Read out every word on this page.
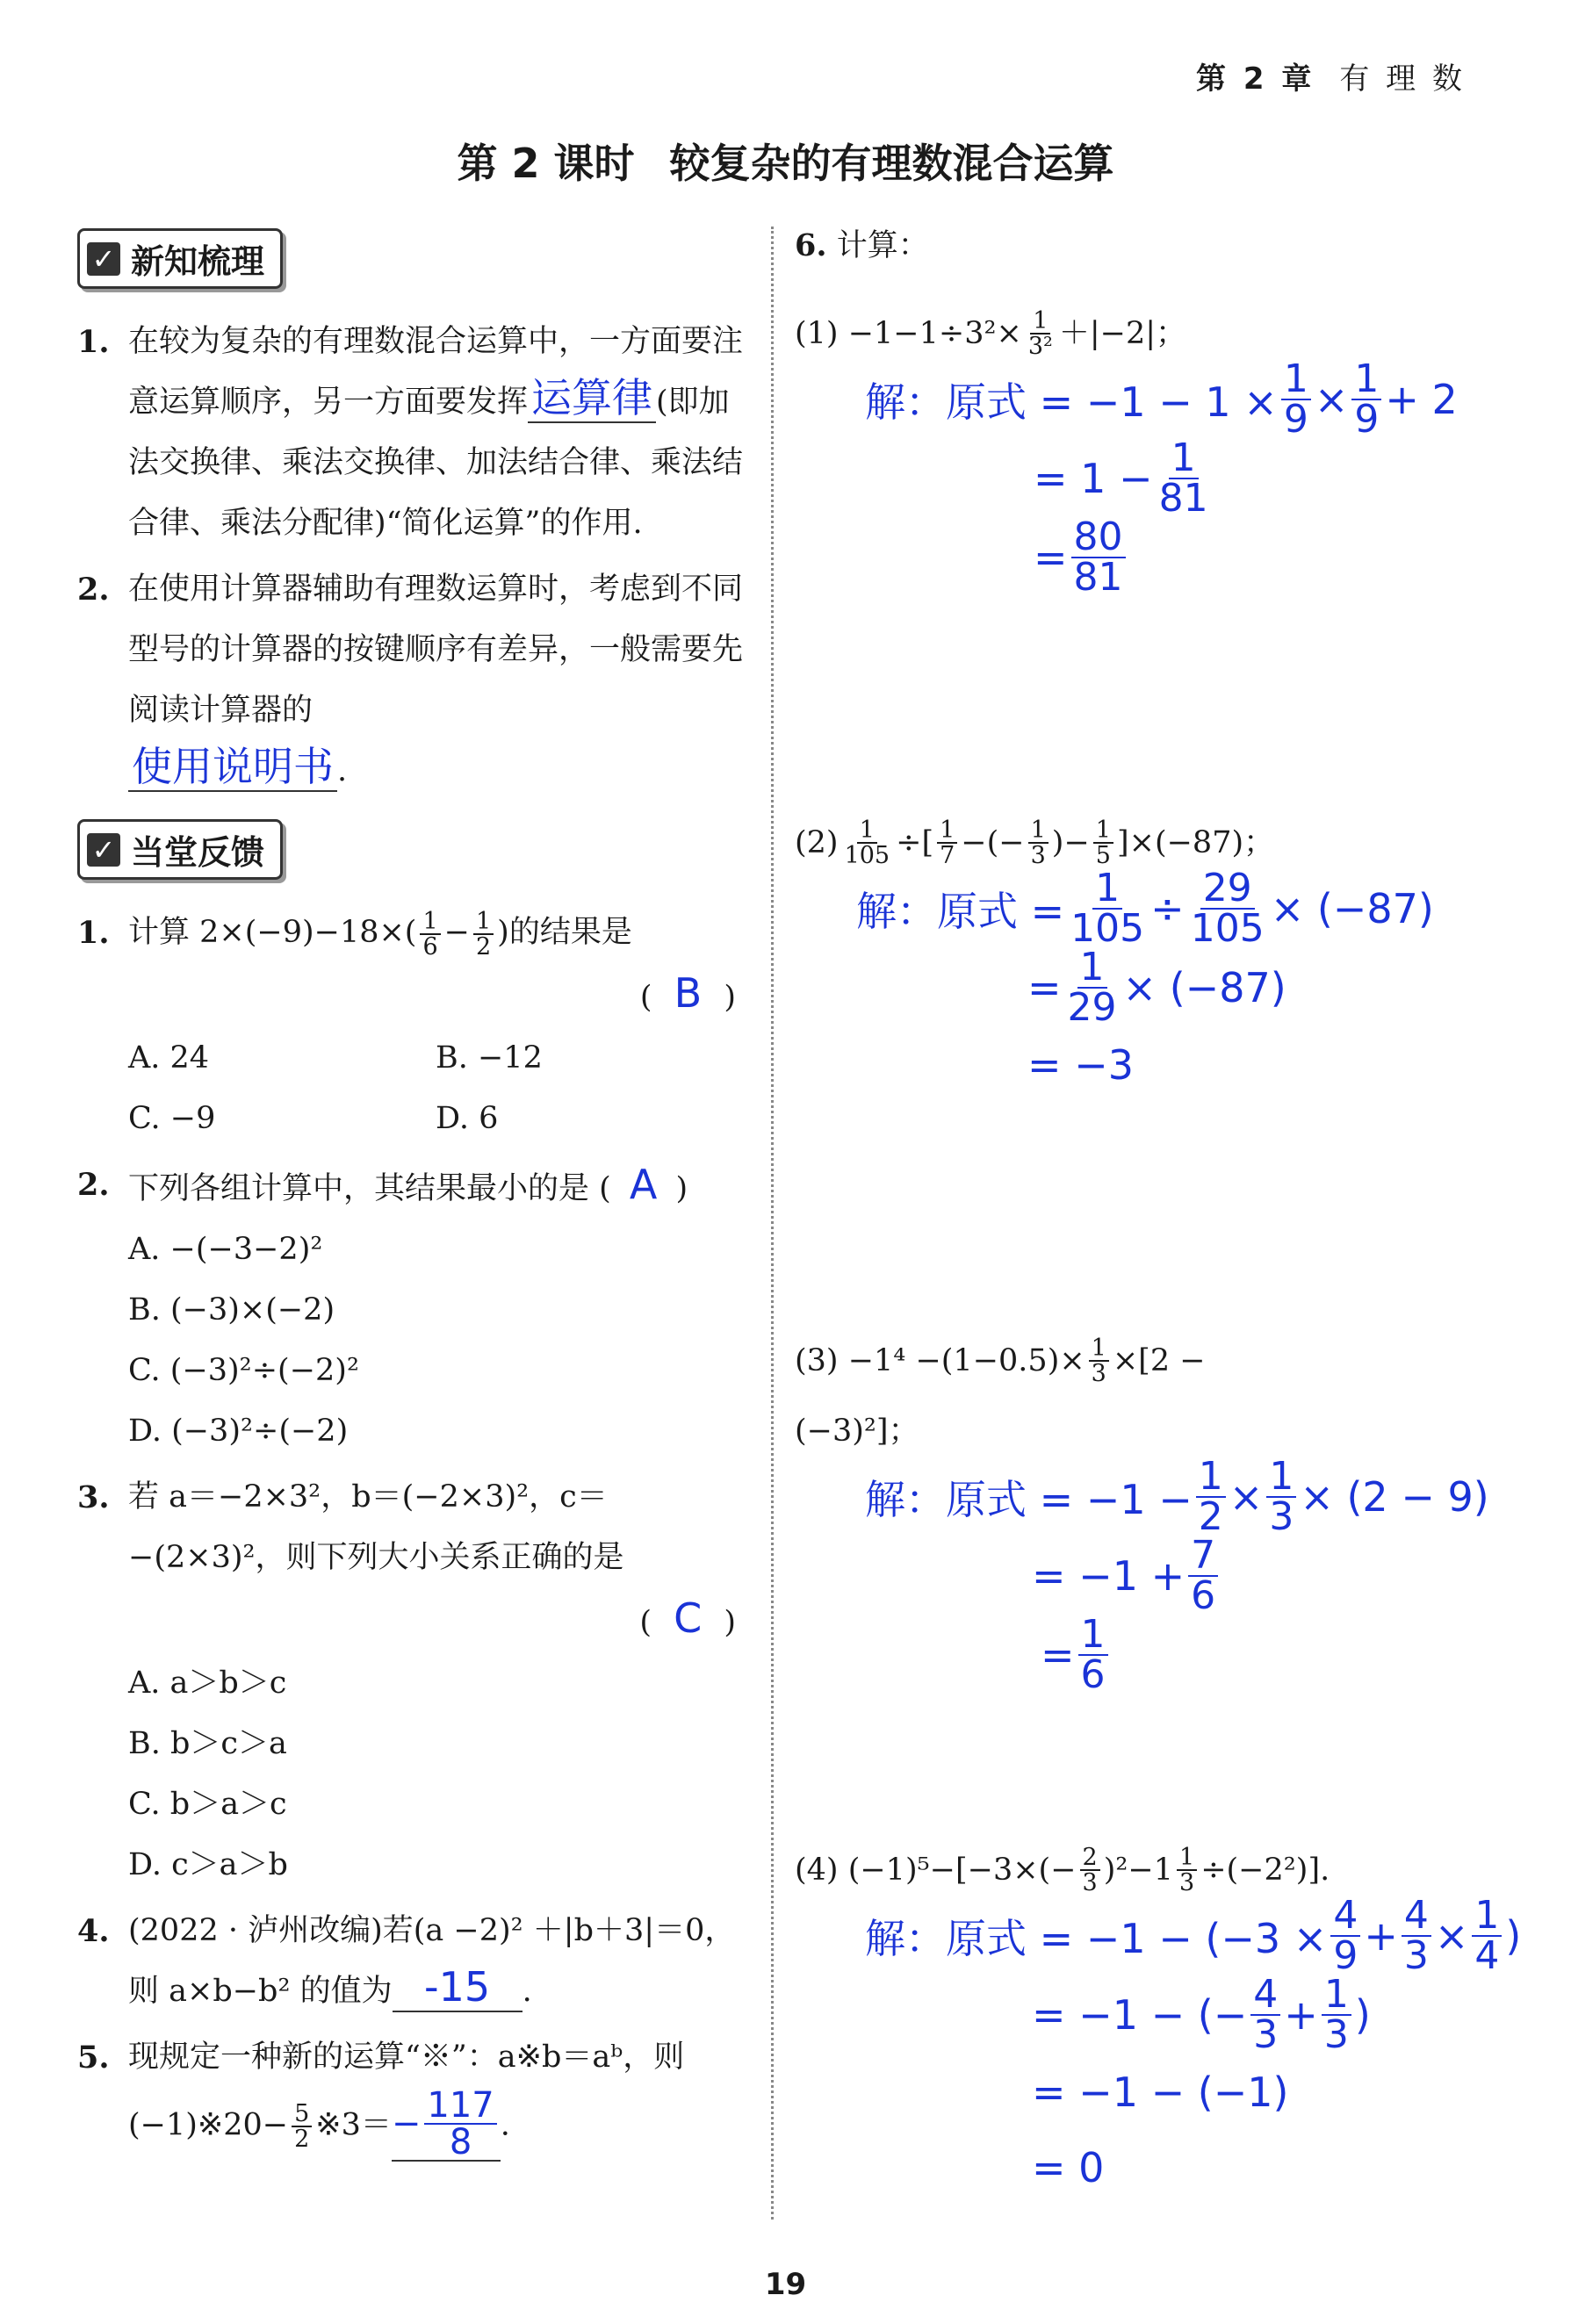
第 2 章 有 理 数
第 2 课时 较复杂的有理数混合运算
✓ 新知梳理
1. 在较为复杂的有理数混合运算中，一方面要注意运算顺序，另一方面要发挥运算律 (即加法交换律、乘法交换律、加法结合律、乘法结合律、乘法分配律)“简化运算”的作用.
2. 在使用计算器辅助有理数运算时，考虑到不同型号的计算器的按键顺序有差异，一般需要先阅读计算器的
使用说明书 .
✓ 当堂反馈
1. 计算 $2\times(-9)-18\times( \frac{1}{6} - \frac{1}{2}$ )的结果是
( B )
A. 24	B. −12
C. −9	D. 6
2. 下列各组计算中，其结果最小的是 ( A )
A. −(−3−2)²
B. (−3)×(−2)
C. (−3)²÷(−2)²
D. (−3)²÷(−2)
3. 若 a＝−2×3²，b＝(−2×3)²，c＝−(2×3)²，则下列大小关系正确的是
( C )
A. a＞b＞c
B. b＞c＞a
C. b＞a＞c
D. c＞a＞b
4. (2022 · 泸州改编)若(a −2)² ＋|b＋3|＝0，则 a×b−b² 的值为 -15 .
5. 现规定一种新的运算“※”：a※b＝aᵇ，则
(−1)※20− $\frac{5}{2}$ ※3＝ − $\frac{117}{8}$ .
6. 计算：
$(1) -1-1\div 3^2\times \frac{1}{\text{3²}} +|-2|$；
解：原式 = $-1 - 1 \times \frac{1}{9} \times \frac{1}{9} + 2$
= $1 - \frac{1}{81}$
= $\frac{80}{81}$
$(2) \frac{1}{105}$ ÷[ $\frac{1}{7}$ −(− $\frac{1}{3}$ )− $\frac{1}{5} ]\times(-87)$；
解：原式 = $\frac{1}{105} \div \frac{29}{105} \times (-87)$
= $\frac{1}{29} \times (-87)$
= −3
$(3) -1^4 -(1-0.5)\times \frac{1}{3} \times[2$ −
(−3)²]；
解：原式 = $-1 - \frac{1}{2} \times \frac{1}{3} \times (2 - 9)$
= $-1 + \frac{7}{6}$
= $\frac{1}{6}$
(4) $(-1)^5-[-3\times(- \frac{2}{3} )^2-1 \frac{1}{3} \div(-2^2)]$.
解：原式 = $-1 - (-3 \times \frac{4}{9} + \frac{4}{3} \times \frac{1}{4}$ )
= −1 − (− $\frac{4}{3} + \frac{1}{3}$ )
= −1 − (−1)
= 0
19
